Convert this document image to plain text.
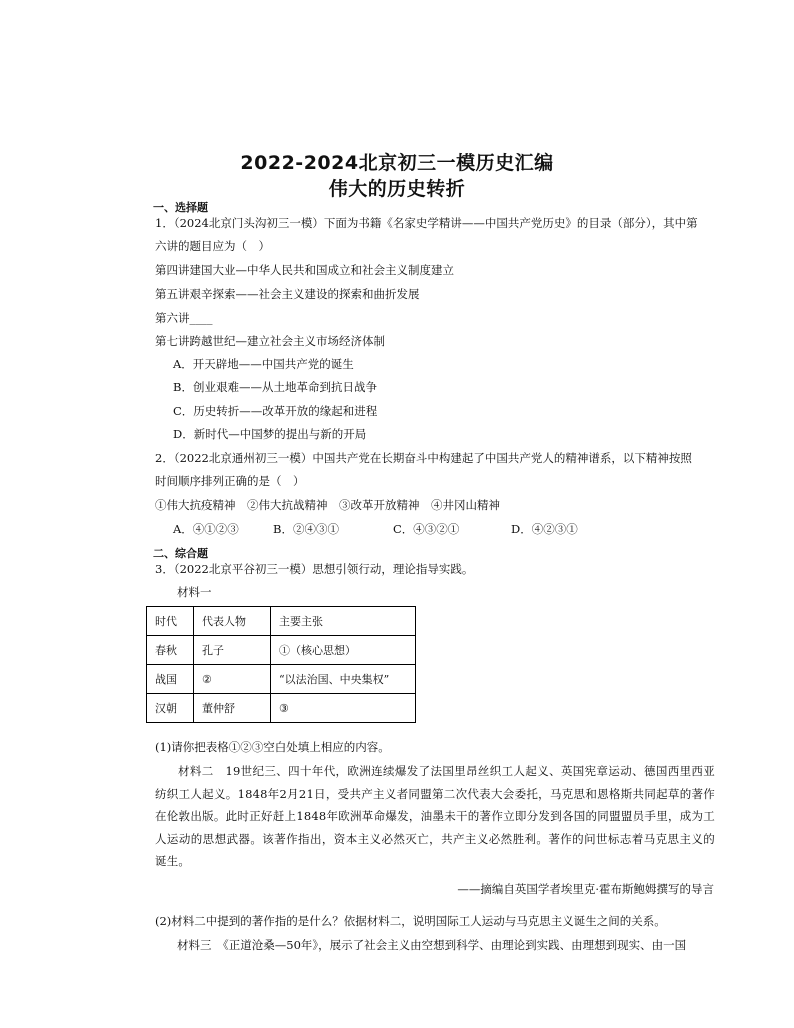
2022-2024北京初三一模历史汇编
伟大的历史转折
一、选择题
1．（2024北京门头沟初三一模）下面为书籍《名家史学精讲——中国共产党历史》的目录（部分），其中第
六讲的题目应为（　）
第四讲建国大业—中华人民共和国成立和社会主义制度建立
第五讲艰辛探索——社会主义建设的探索和曲折发展
第六讲____
第七讲跨越世纪—建立社会主义市场经济体制
A．开天辟地——中国共产党的诞生
B．创业艰难——从土地革命到抗日战争
C．历史转折——改革开放的缘起和进程
D．新时代—中国梦的提出与新的开局
2．（2022北京通州初三一模）中国共产党在长期奋斗中构建起了中国共产党人的精神谱系，以下精神按照
时间顺序排列正确的是（　）
①伟大抗疫精神　②伟大抗战精神　③改革开放精神　④井冈山精神
A．④①②③	B．②④③①	C．④③②①	D．④②③①
二、综合题
3．（2022北京平谷初三一模）思想引领行动，理论指导实践。
材料一
时代	代表人物	主要主张
春秋	孔子	①（核心思想）
战国	②	“以法治国、中央集权”
汉朝	董仲舒	③
(1)请你把表格①②③空白处填上相应的内容。
材料二　19世纪三、四十年代，欧洲连续爆发了法国里昂丝织工人起义、英国宪章运动、德国西里西亚纺织工人起义。1848年2月21日，受共产主义者同盟第二次代表大会委托，马克思和恩格斯共同起草的著作在伦敦出版。此时正好赶上1848年欧洲革命爆发，油墨未干的著作立即分发到各国的同盟盟员手里，成为工人运动的思想武器。该著作指出，资本主义必然灭亡，共产主义必然胜利。著作的问世标志着马克思主义的诞生。
——摘编自英国学者埃里克·霍布斯鲍姆撰写的导言
(2)材料二中提到的著作指的是什么？依据材料二，说明国际工人运动与马克思主义诞生之间的关系。
材料三　《正道沧桑—50年》，展示了社会主义由空想到科学、由理论到实践、由理想到现实、由一国
